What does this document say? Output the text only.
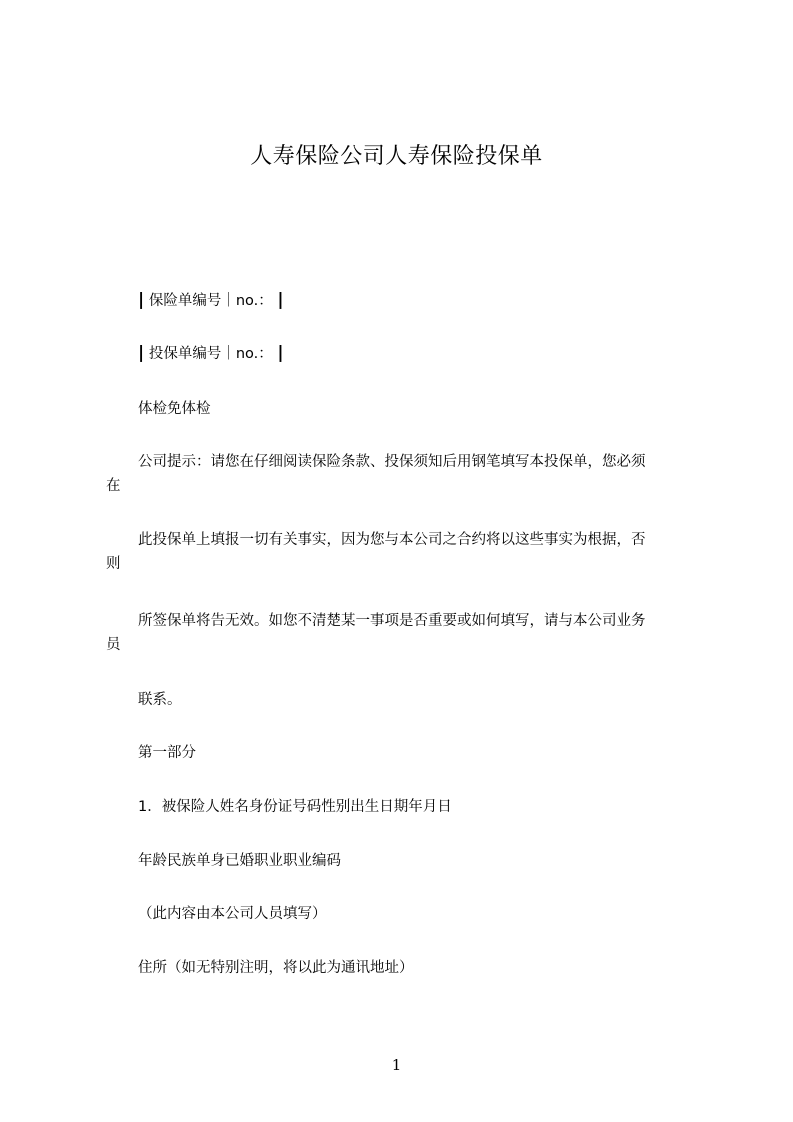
人寿保险公司人寿保险投保单
| 保险单编号｜no.： |
| 投保单编号｜no.： |
体检免体检
公司提示：请您在仔细阅读保险条款、投保须知后用钢笔填写本投保单，您必须
在
此投保单上填报一切有关事实，因为您与本公司之合约将以这些事实为根据，否
则
所签保单将告无效。如您不清楚某一事项是否重要或如何填写，请与本公司业务
员
联系。
第一部分
1．被保险人姓名身份证号码性别出生日期年月日
年龄民族单身已婚职业职业编码
（此内容由本公司人员填写）
住所（如无特别注明，将以此为通讯地址）
1
